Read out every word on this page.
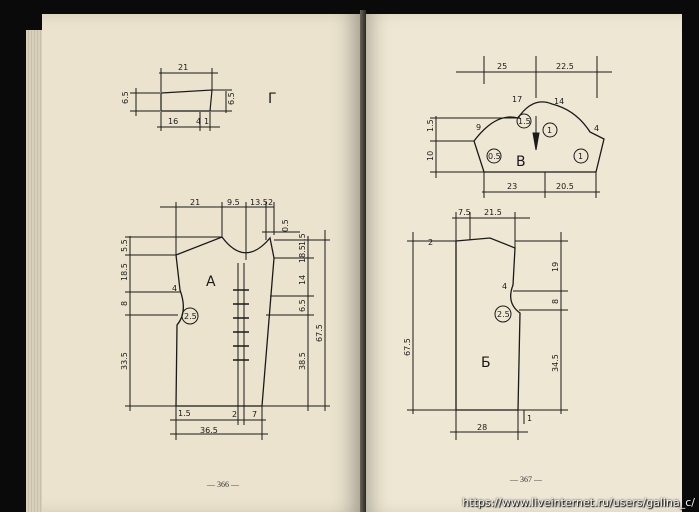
Г
21
6.5	6.5
16 4 1
А
21	9.5 13.5 2
0.5
5.5
18.5
8
33.5
1.5
18.5
14
6.5
38.5
67.5
2.5
4
1.5	2 7
36.5
В
25	22.5
1.5
10
17	14
9	4
0.5
1.5
1
1
23	20.5
Б
7.5 21.5
2
67.5
19
8
34.5
2.5
4
28
1
— 366 —
— 367 —
https://www.liveinternet.ru/users/galina_c/
